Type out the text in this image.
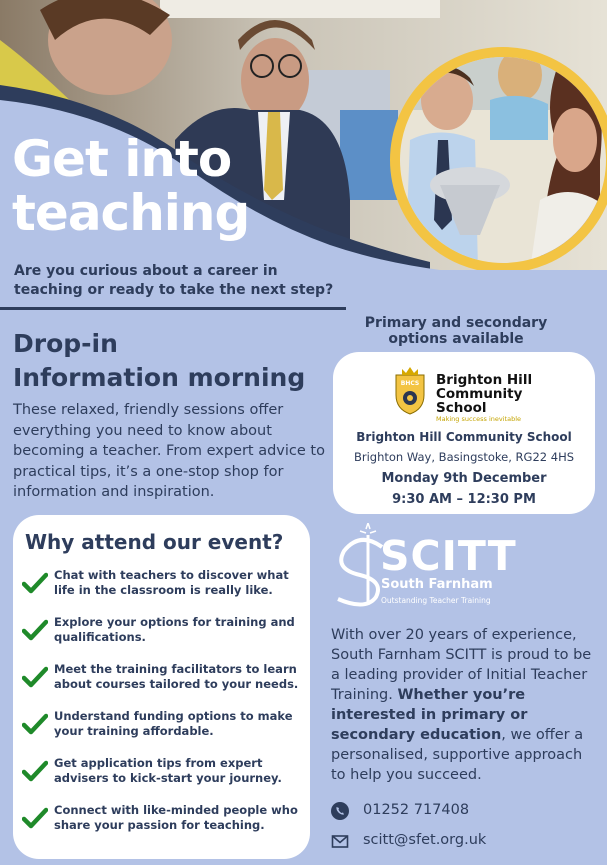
Get into
teaching
Are you curious about a career in teaching or ready to take the next step?
Drop-in
Information morning
These relaxed, friendly sessions offer everything you need to know about becoming a teacher. From expert advice to practical tips, it’s a one-stop shop for information and inspiration.
Primary and secondary
options available
BHCS Brighton Hill
Community
School
Making success inevitable
Brighton Hill Community School
Brighton Way, Basingstoke, RG22 4HS
Monday 9th December
9:30 AM – 12:30 PM
Why attend our event?
Chat with teachers to discover what life in the classroom is really like.
Explore your options for training and qualifications.
Meet the training facilitators to learn about courses tailored to your needs.
Understand funding options to make your training affordable.
Get application tips from expert advisers to kick-start your journey.
Connect with like-minded people who share your passion for teaching.
SCITT
South Farnham
Outstanding Teacher Training
With over 20 years of experience, South Farnham SCITT is proud to be a leading provider of Initial Teacher Training. Whether you’re interested in primary or secondary education, we offer a personalised, supportive approach to help you succeed.
01252 717408
scitt@sfet.org.uk
